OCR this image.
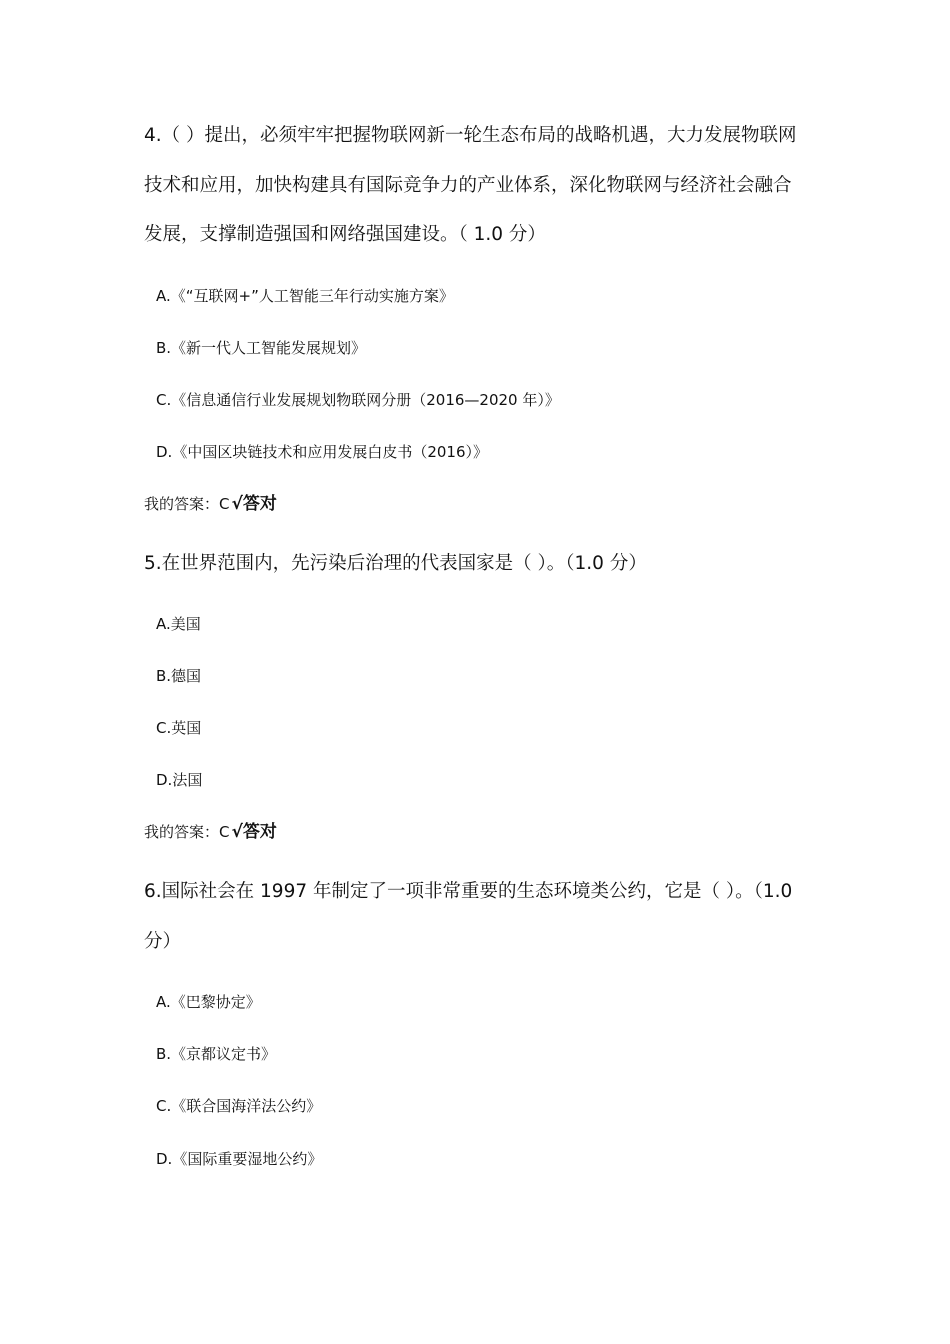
4.（ ）提出，必须牢牢把握物联网新一轮生态布局的战略机遇，大力发展物联网
技术和应用，加快构建具有国际竞争力的产业体系，深化物联网与经济社会融合
发展，支撑制造强国和网络强国建设。（ 1.0 分）
A.《“互联网+”人工智能三年行动实施方案》
B.《新一代人工智能发展规划》
C.《信息通信行业发展规划物联网分册（2016—2020 年）》
D.《中国区块链技术和应用发展白皮书（2016）》
我的答案：C √答对
5.在世界范围内，先污染后治理的代表国家是（ ）。（1.0 分）
A.美国
B.德国
C.英国
D.法国
我的答案：C √答对
6.国际社会在 1997 年制定了一项非常重要的生态环境类公约，它是（ ）。（1.0
分）
A.《巴黎协定》
B.《京都议定书》
C.《联合国海洋法公约》
D.《国际重要湿地公约》
